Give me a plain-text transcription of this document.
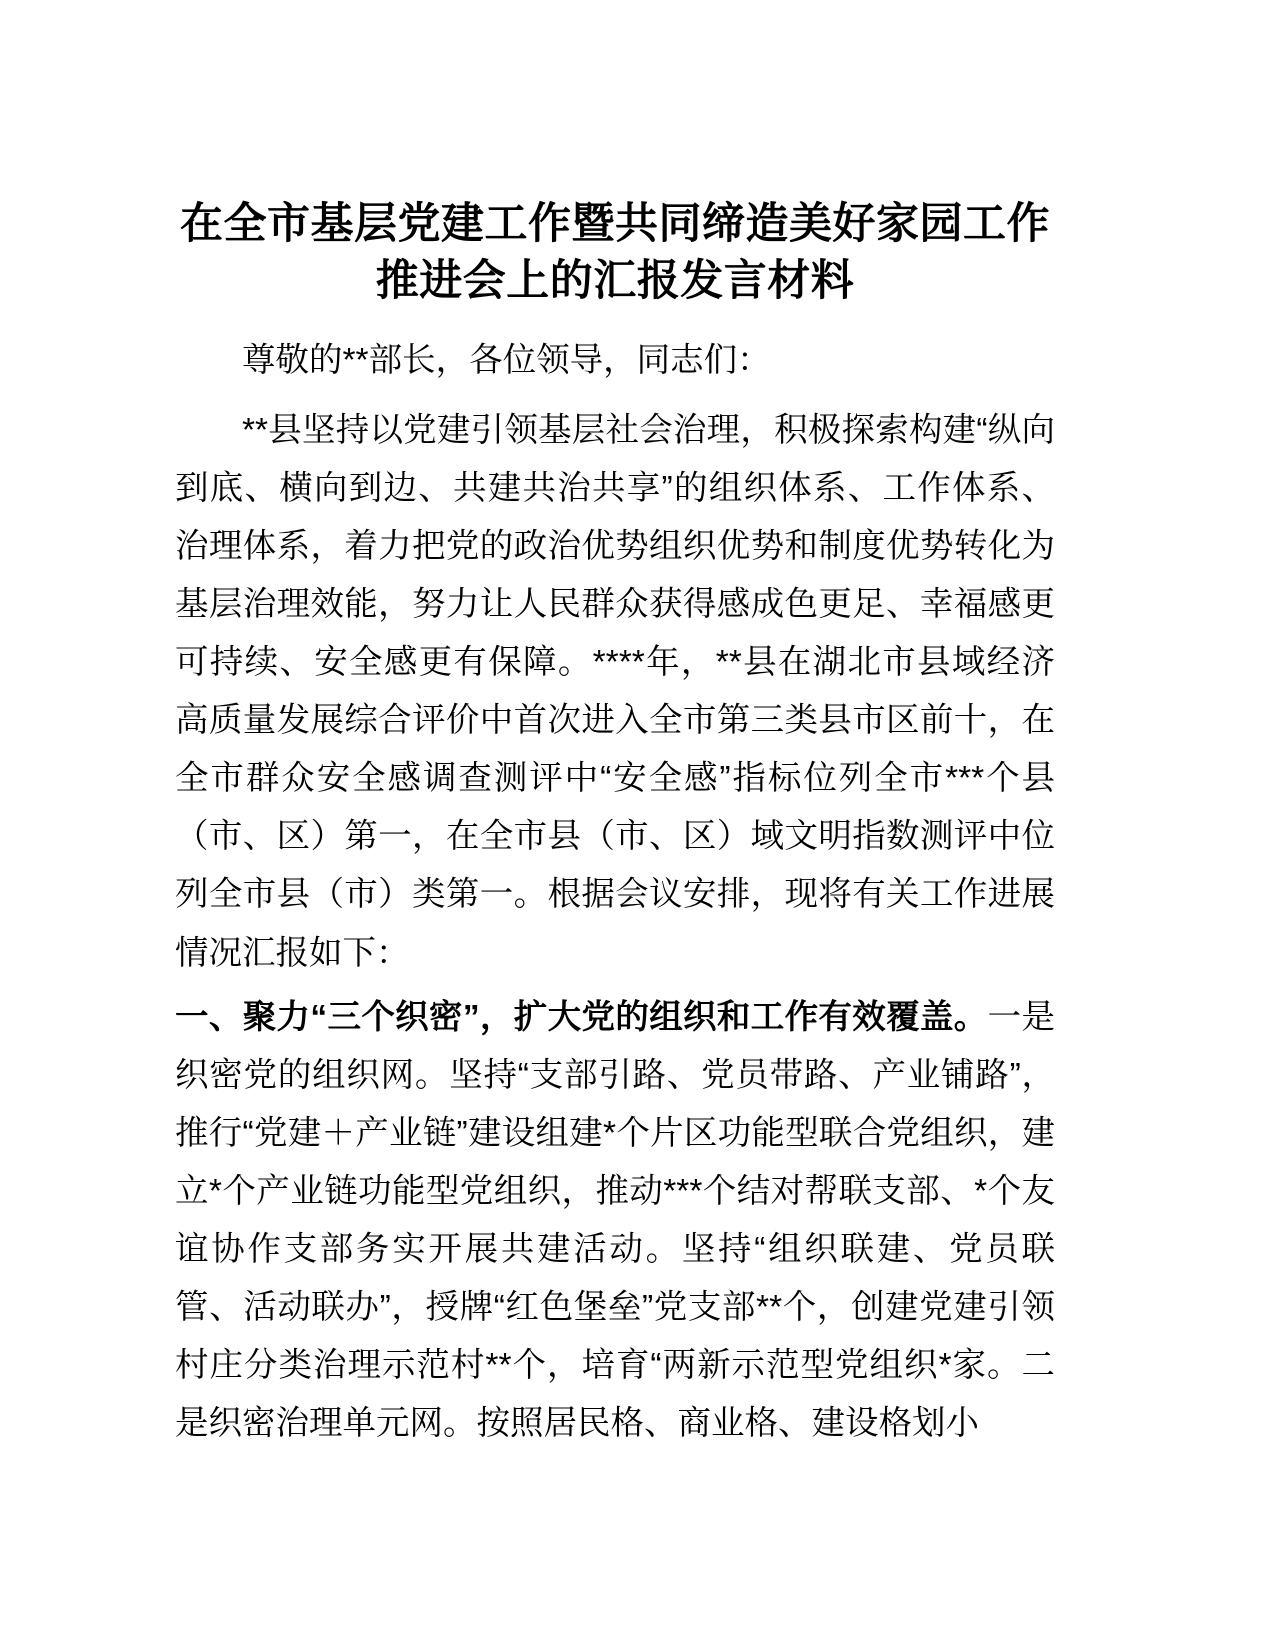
在全市基层党建工作暨共同缔造美好家园工作推进会上的汇报发言材料

尊敬的**部长，各位领导，同志们：

**县坚持以党建引领基层社会治理，积极探索构建“纵向到底、横向到边、共建共治共享”的组织体系、工作体系、治理体系，着力把党的政治优势组织优势和制度优势转化为基层治理效能，努力让人民群众获得感成色更足、幸福感更可持续、安全感更有保障。****年，**县在湖北市县域经济高质量发展综合评价中首次进入全市第三类县市区前十，在全市群众安全感调查测评中“安全感”指标位列全市***个县（市、区）第一，在全市县（市、区）域文明指数测评中位列全市县（市）类第一。根据会议安排，现将有关工作进展情况汇报如下：

一、聚力“三个织密”，扩大党的组织和工作有效覆盖。一是织密党的组织网。坚持“支部引路、党员带路、产业铺路”，推行“党建＋产业链”建设组建*个片区功能型联合党组织，建立*个产业链功能型党组织，推动***个结对帮联支部、*个友谊协作支部务实开展共建活动。坚持“组织联建、党员联管、活动联办”，授牌“红色堡垒”党支部**个，创建党建引领村庄分类治理示范村**个，培育“两新示范型党组织*家。二是织密治理单元网。按照居民格、商业格、建设格划小
